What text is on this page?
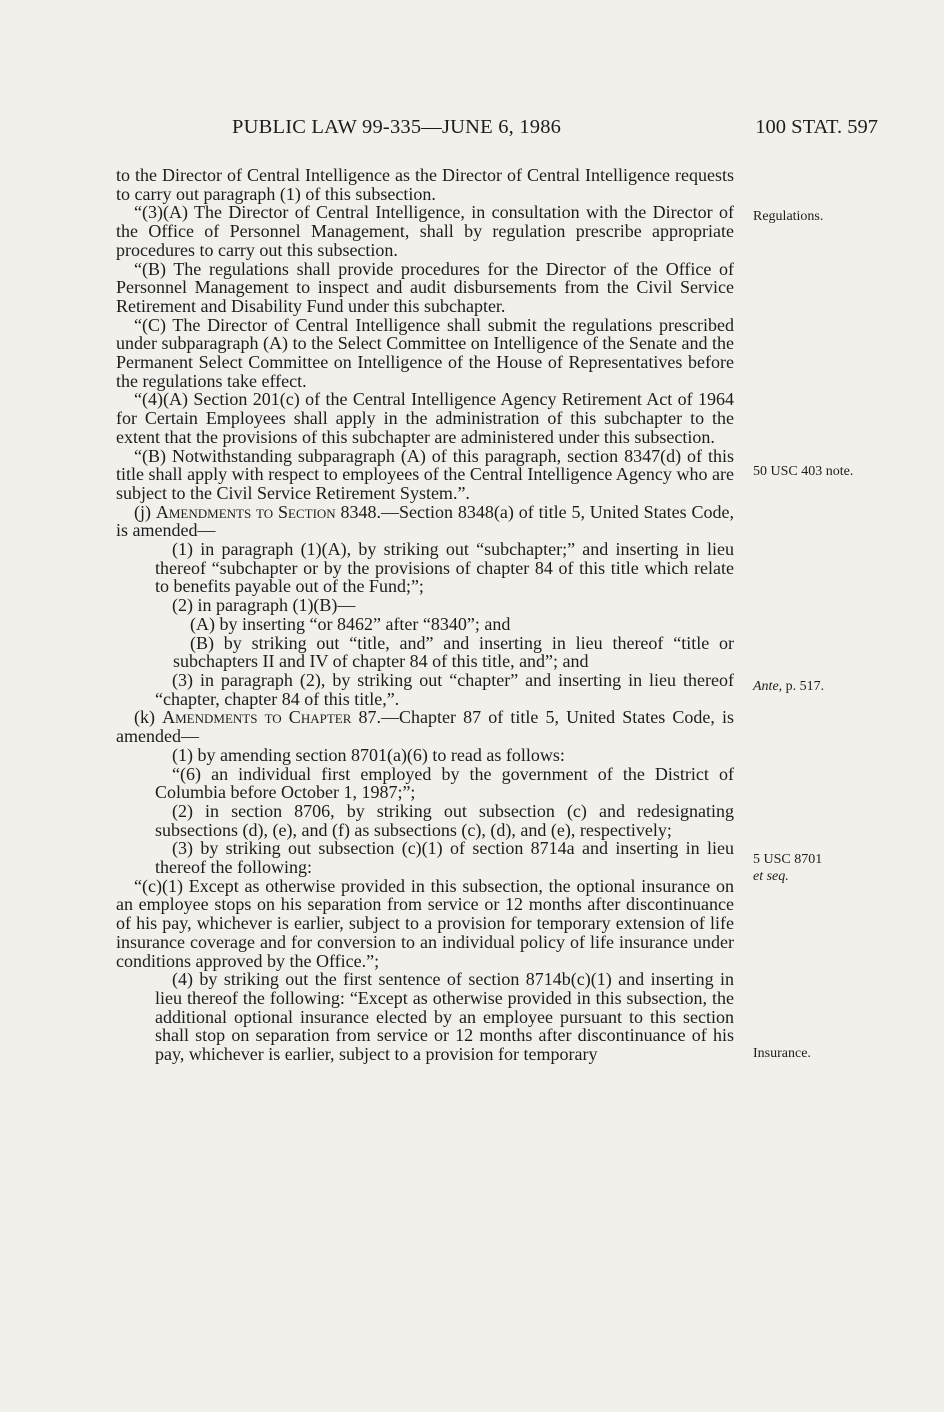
PUBLIC LAW 99-335—JUNE 6, 1986	100 STAT. 597

to the Director of Central Intelligence as the Director of Central Intelligence requests to carry out paragraph (1) of this subsection.

“(3)(A) The Director of Central Intelligence, in consultation with the Director of the Office of Personnel Management, shall by regulation prescribe appropriate procedures to carry out this subsection.

“(B) The regulations shall provide procedures for the Director of the Office of Personnel Management to inspect and audit disbursements from the Civil Service Retirement and Disability Fund under this subchapter.

“(C) The Director of Central Intelligence shall submit the regulations prescribed under subparagraph (A) to the Select Committee on Intelligence of the Senate and the Permanent Select Committee on Intelligence of the House of Representatives before the regulations take effect.

“(4)(A) Section 201(c) of the Central Intelligence Agency Retirement Act of 1964 for Certain Employees shall apply in the administration of this subchapter to the extent that the provisions of this subchapter are administered under this subsection.

“(B) Notwithstanding subparagraph (A) of this paragraph, section 8347(d) of this title shall apply with respect to employees of the Central Intelligence Agency who are subject to the Civil Service Retirement System.”.

(j) Amendments to Section 8348.—Section 8348(a) of title 5, United States Code, is amended—

(1) in paragraph (1)(A), by striking out “subchapter;” and inserting in lieu thereof “subchapter or by the provisions of chapter 84 of this title which relate to benefits payable out of the Fund;”;

(2) in paragraph (1)(B)—

(A) by inserting “or 8462” after “8340”; and

(B) by striking out “title, and” and inserting in lieu thereof “title or subchapters II and IV of chapter 84 of this title, and”; and

(3) in paragraph (2), by striking out “chapter” and inserting in lieu thereof “chapter, chapter 84 of this title,”.

(k) Amendments to Chapter 87.—Chapter 87 of title 5, United States Code, is amended—

(1) by amending section 8701(a)(6) to read as follows:

“(6) an individual first employed by the government of the District of Columbia before October 1, 1987;”;

(2) in section 8706, by striking out subsection (c) and redesignating subsections (d), (e), and (f) as subsections (c), (d), and (e), respectively;

(3) by striking out subsection (c)(1) of section 8714a and inserting in lieu thereof the following:

“(c)(1) Except as otherwise provided in this subsection, the optional insurance on an employee stops on his separation from service or 12 months after discontinuance of his pay, whichever is earlier, subject to a provision for temporary extension of life insurance coverage and for conversion to an individual policy of life insurance under conditions approved by the Office.”;

(4) by striking out the first sentence of section 8714b(c)(1) and inserting in lieu thereof the following: “Except as otherwise provided in this subsection, the additional optional insurance elected by an employee pursuant to this section shall stop on separation from service or 12 months after discontinuance of his pay, whichever is earlier, subject to a provision for temporary

Regulations.
50 USC 403 note.
Ante, p. 517.
5 USC 8701
et seq.
Insurance.
